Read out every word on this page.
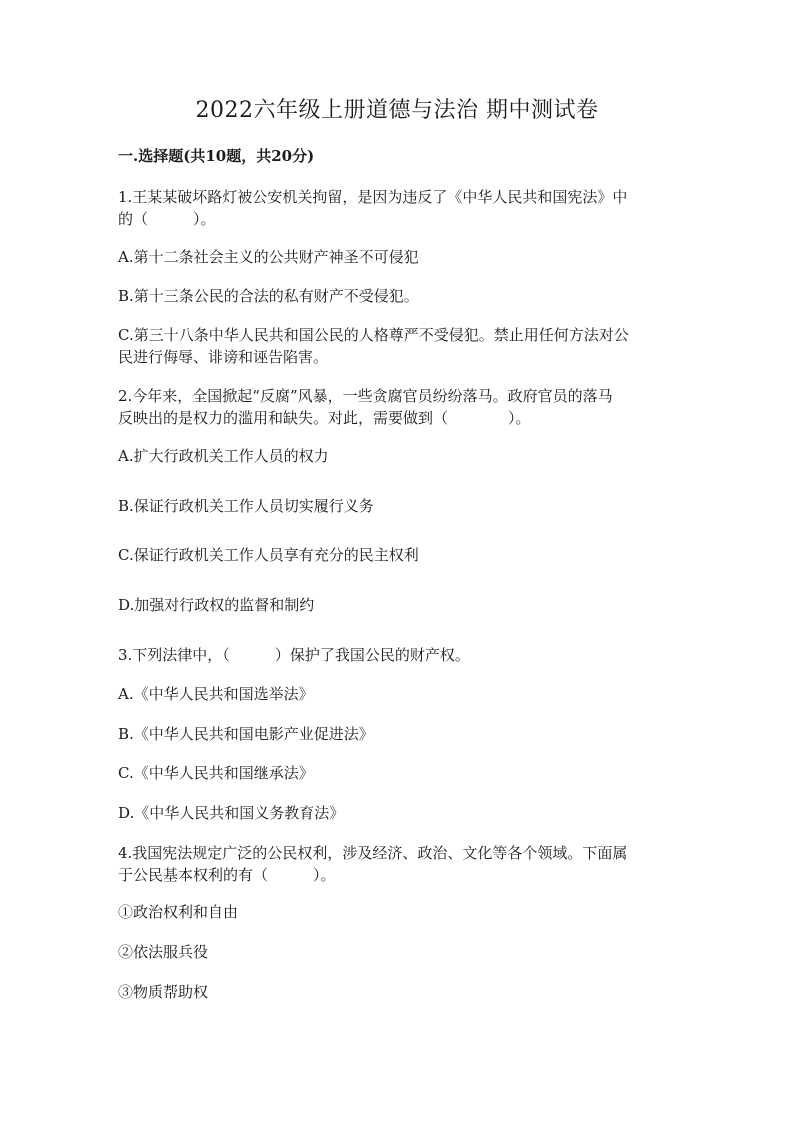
2022六年级上册道德与法治 期中测试卷
一.选择题(共10题，共20分)
1.王某某破坏路灯被公安机关拘留，是因为违反了《中华人民共和国宪法》中
的（　　　）。
A.第十二条社会主义的公共财产神圣不可侵犯
B.第十三条公民的合法的私有财产不受侵犯。
C.第三十八条中华人民共和国公民的人格尊严不受侵犯。禁止用任何方法对公
民进行侮辱、诽谤和诬告陷害。
2.今年来，全国掀起“反腐”风暴，一些贪腐官员纷纷落马。政府官员的落马
反映出的是权力的滥用和缺失。对此，需要做到（　　　　）。
A.扩大行政机关工作人员的权力
B.保证行政机关工作人员切实履行义务
C.保证行政机关工作人员享有充分的民主权利
D.加强对行政权的监督和制约
3.下列法律中，（　　　）保护了我国公民的财产权。
A.《中华人民共和国选举法》
B.《中华人民共和国电影产业促进法》
C.《中华人民共和国继承法》
D.《中华人民共和国义务教育法》
4.我国宪法规定广泛的公民权利，涉及经济、政治、文化等各个领域。下面属
于公民基本权利的有（　　　）。
①政治权利和自由
②依法服兵役
③物质帮助权
